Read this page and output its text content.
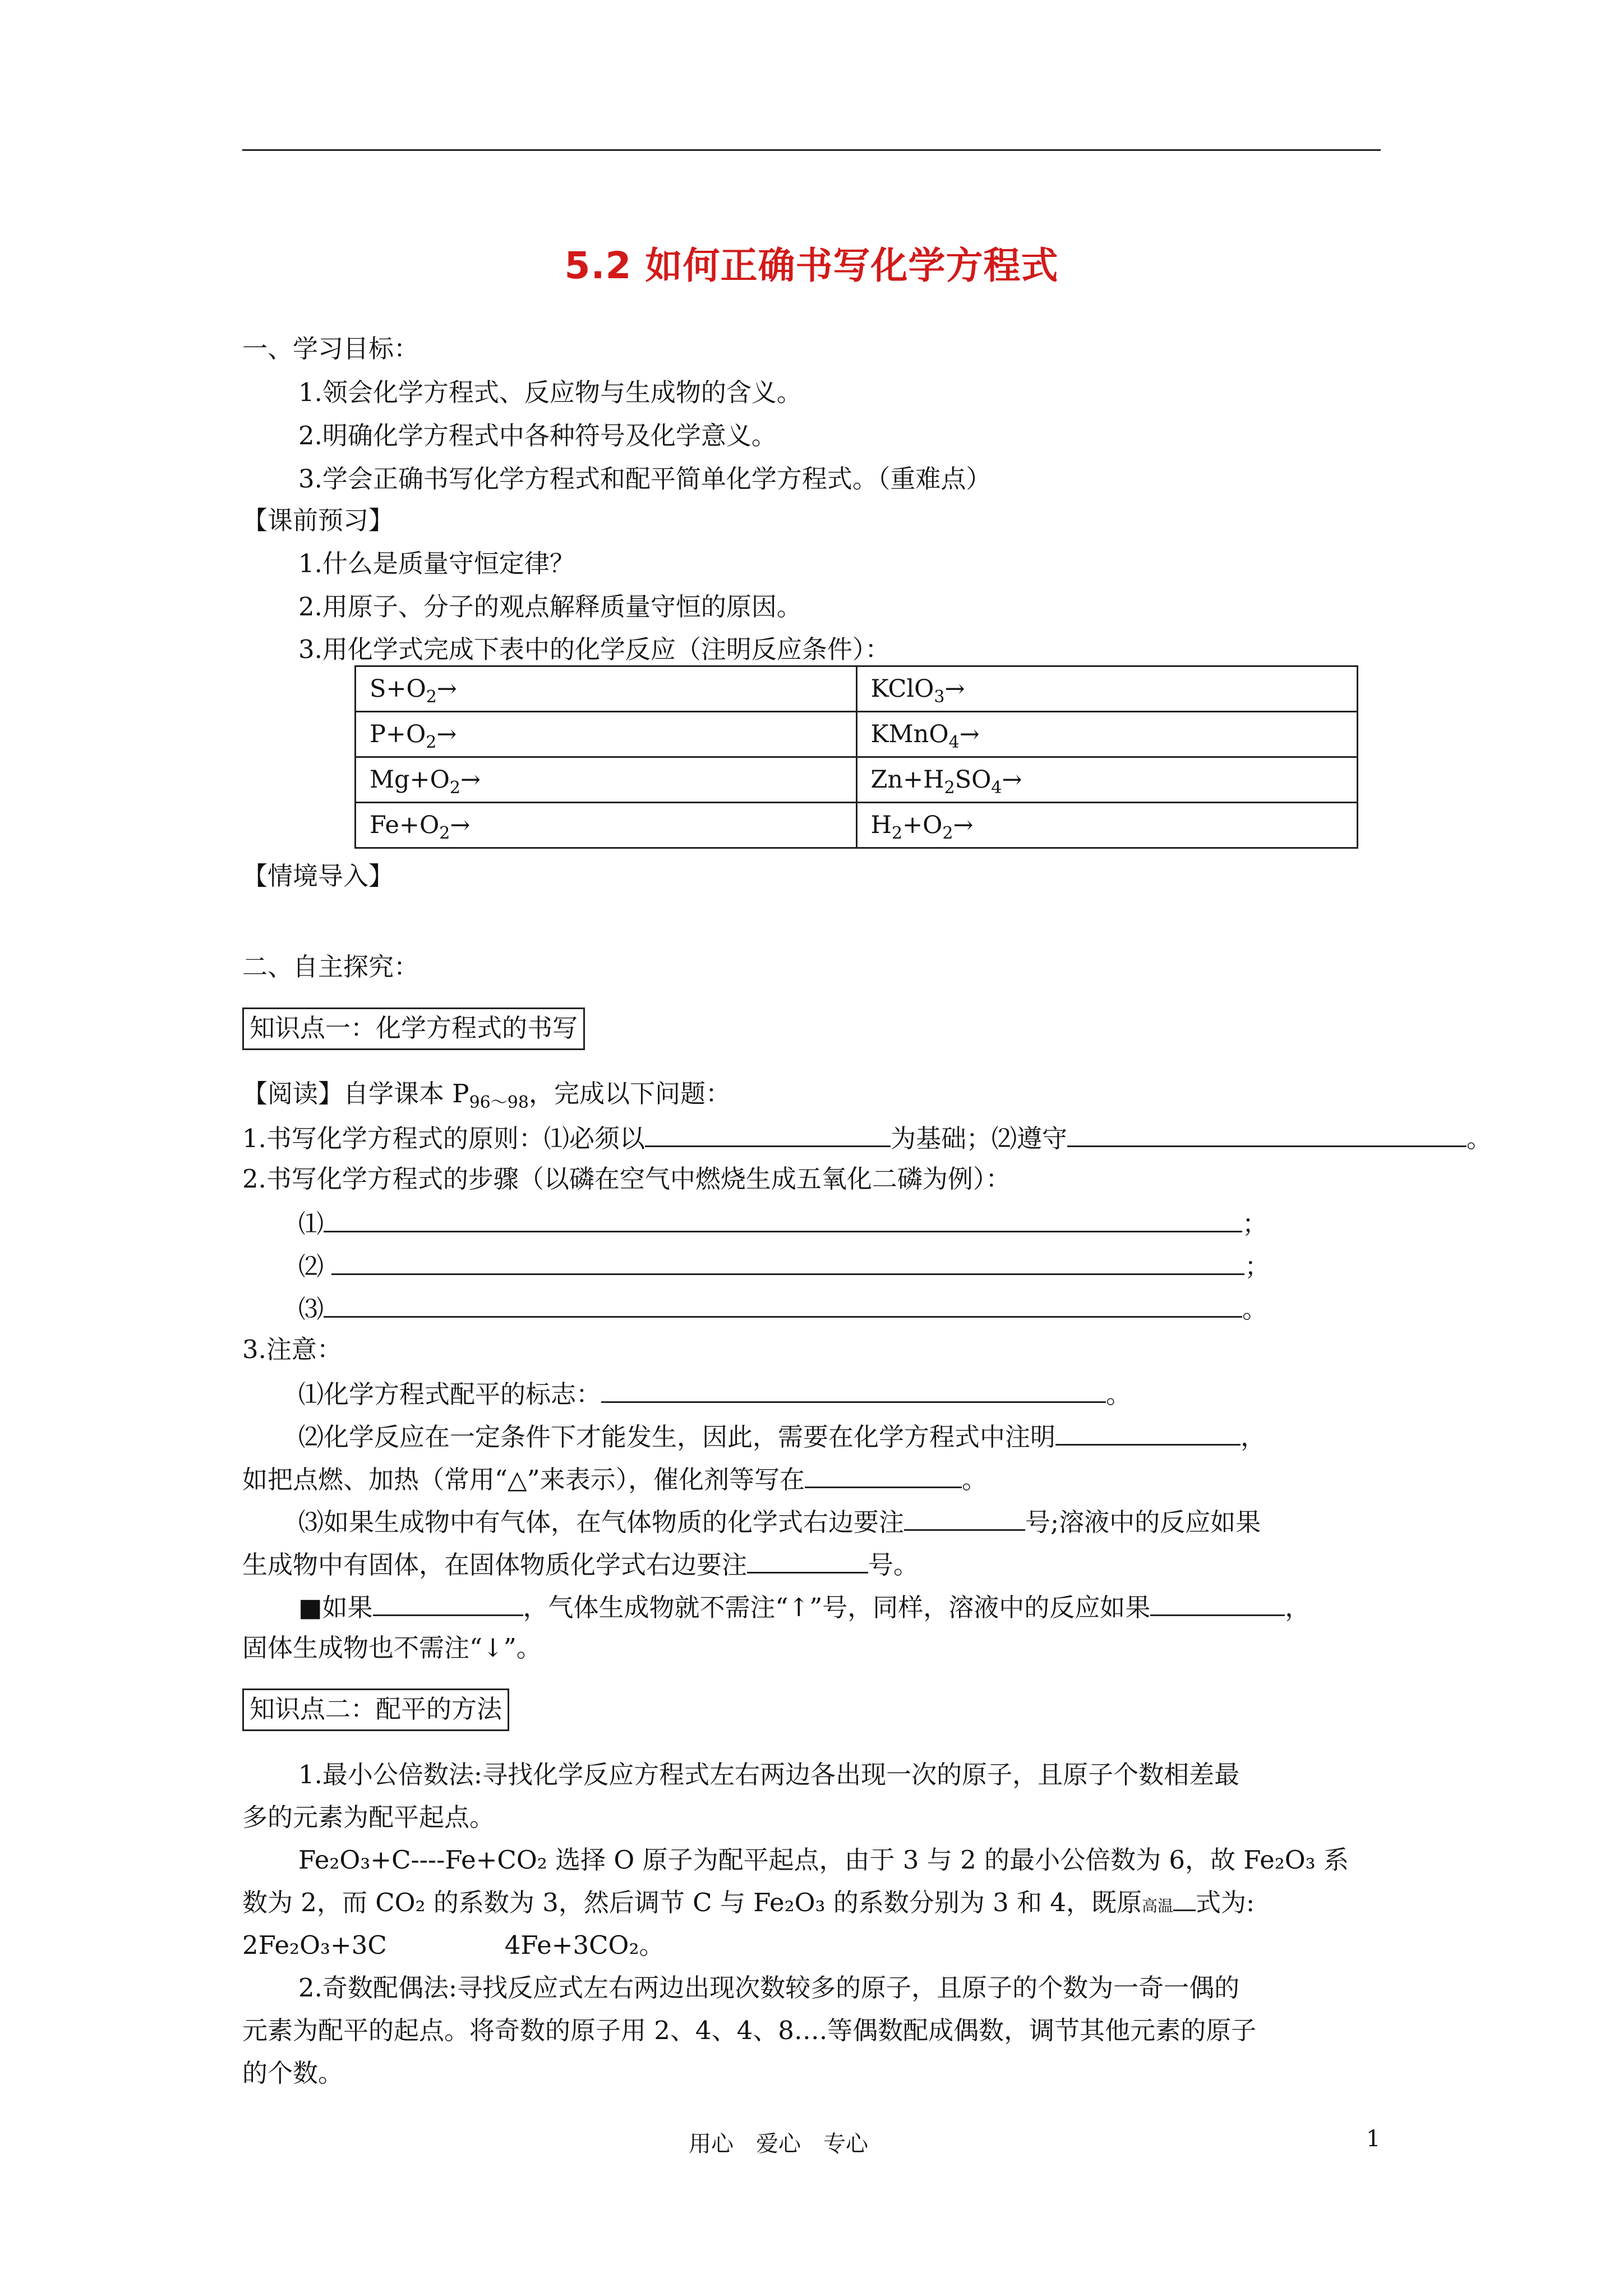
5.2 如何正确书写化学方程式
一、学习目标：
1.领会化学方程式、反应物与生成物的含义。
2.明确化学方程式中各种符号及化学意义。
3.学会正确书写化学方程式和配平简单化学方程式。（重难点）
【课前预习】
1.什么是质量守恒定律？
2.用原子、分子的观点解释质量守恒的原因。
3.用化学式完成下表中的化学反应（注明反应条件）：
$S+O_2\to$	KClO$_3$→
$P+O_2\to$	KMnO$_4$→
$Mg+O_2\to$	$Zn+H_2SO_4\to$
$Fe+O_2\to$	$H_2+O_2\to$
【情境导入】
二、自主探究：
知识点一：化学方程式的书写
【阅读】自学课本 $P_{96\sim 98}$，完成以下问题：
1.书写化学方程式的原则：⑴必须以	为基础；⑵遵守	。
2.书写化学方程式的步骤（以磷在空气中燃烧生成五氧化二磷为例）：
⑴	；
⑵	；
⑶	。
3.注意：
⑴化学方程式配平的标志：	。
⑵化学反应在一定条件下才能发生，因此，需要在化学方程式中注明	，
如把点燃、加热（常用“△”来表示），催化剂等写在	。
⑶如果生成物中有气体，在气体物质的化学式右边要注	号;溶液中的反应如果
生成物中有固体，在固体物质化学式右边要注	号。
■如果	，气体生成物就不需注“↑”号，同样，溶液中的反应如果	，
固体生成物也不需注“↓”。
知识点二：配平的方法
1.最小公倍数法:寻找化学反应方程式左右两边各出现一次的原子，且原子个数相差最
多的元素为配平起点。
Fe₂O₃+C----Fe+CO₂ 选择 O 原子为配平起点，由于 3 与 2 的最小公倍数为 6，故 Fe₂O₃ 系
数为 2，而 CO₂ 的系数为 3，然后调节 C 与 Fe₂O₃ 的系数分别为 3 和 4，既原高温 式为:
2Fe₂O₃+3C	4Fe+3CO₂。
2.奇数配偶法:寻找反应式左右两边出现次数较多的原子，且原子的个数为一奇一偶的
元素为配平的起点。将奇数的原子用 2、4、4、8….等偶数配成偶数，调节其他元素的原子
的个数。
用心　爱心　专心	1
